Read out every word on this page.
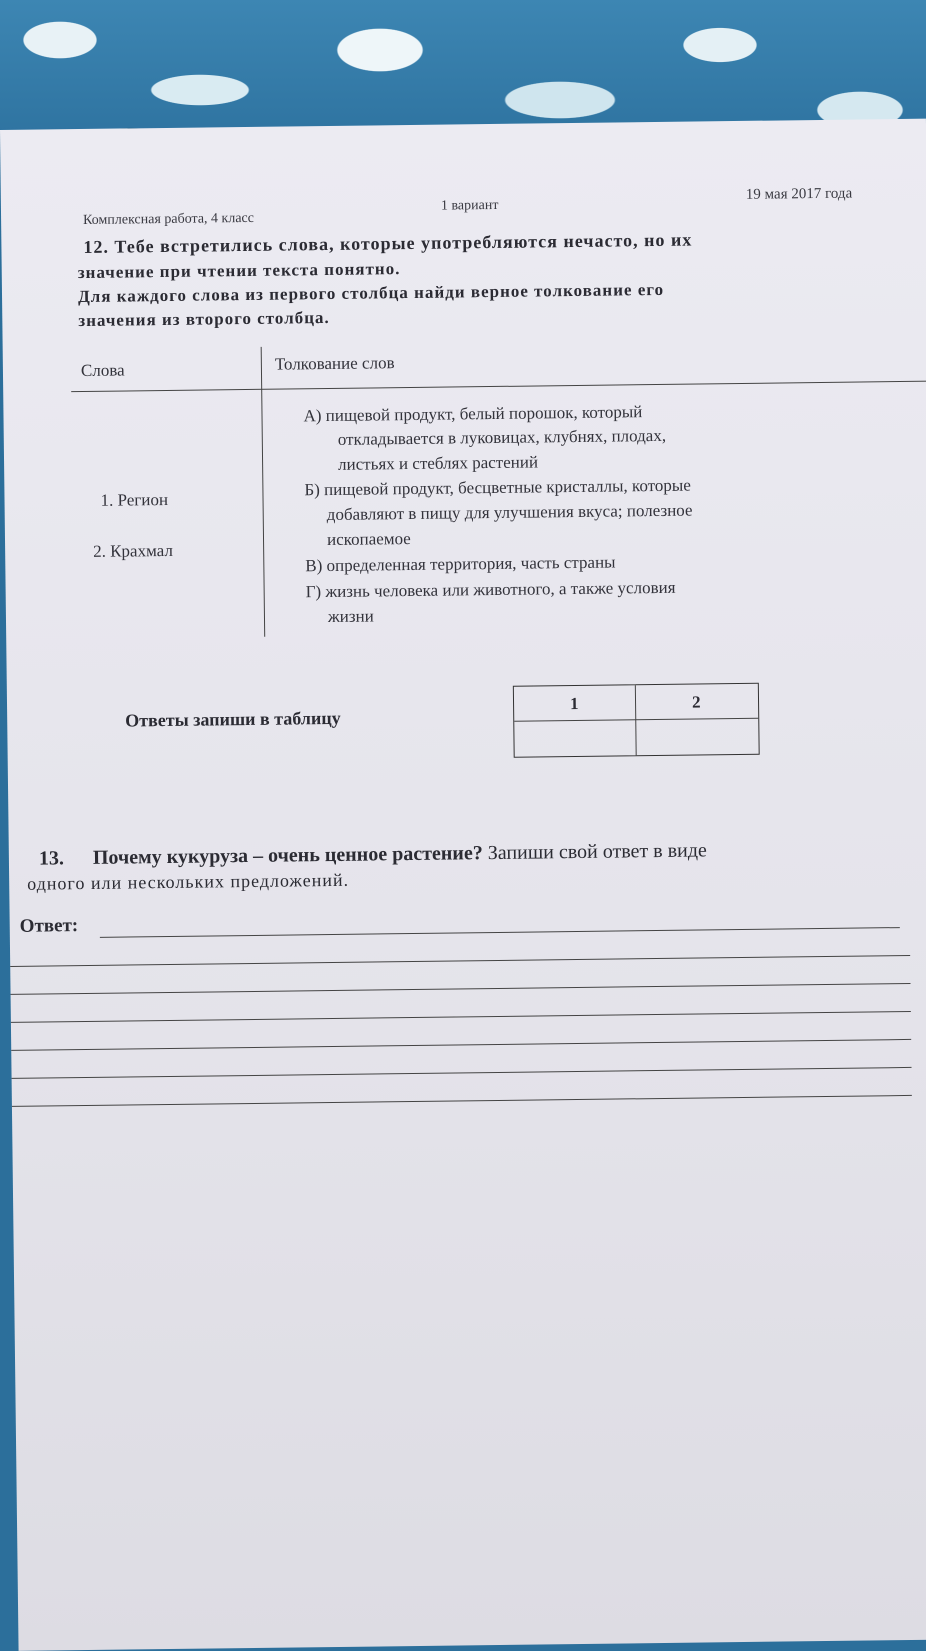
Комплексная работа, 4 класс
1 вариант
19 мая 2017 года
12. Тебе встретились слова, которые употребляются нечасто, но их
значение при чтении текста понятно.
Для каждого слова из первого столбца найди верное толкование его
значения из второго столбца.
Слова	Толкование слов
1. Регион
2. Крахмал
А) пищевой продукт, белый порошок, который
откладывается в луковицах, клубнях, плодах,
листьях и стеблях растений
Б) пищевой продукт, бесцветные кристаллы, которые
добавляют в пищу для улучшения вкуса; полезное
ископаемое
В) определенная территория, часть страны
Г) жизнь человека или животного, а также условия
жизни
Ответы запиши в таблицу
1	2
13. Почему кукуруза – очень ценное растение? Запиши свой ответ в виде
одного или нескольких предложений.
Ответ:
